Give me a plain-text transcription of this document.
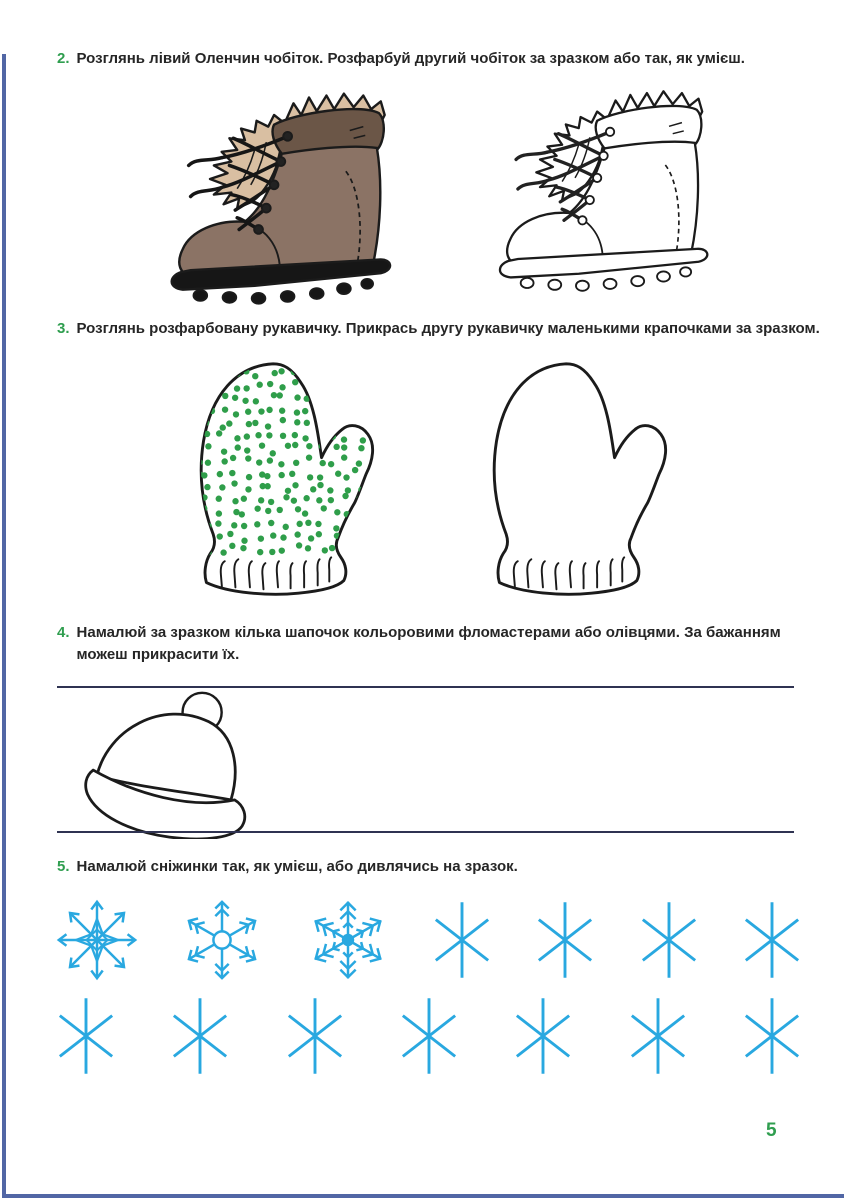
2. Розглянь лівий Оленчин чобіток. Розфарбуй другий чобіток за зразком або так, як умієш.
3. Розглянь розфарбовану рукавичку. Прикрась другу рукавичку маленькими крапочками за зразком.
4. Намалюй за зразком кілька шапочок кольоровими фломастерами або олівцями. За бажанням можеш прикрасити їх.
5. Намалюй сніжинки так, як умієш, або дивлячись на зразок.
5
